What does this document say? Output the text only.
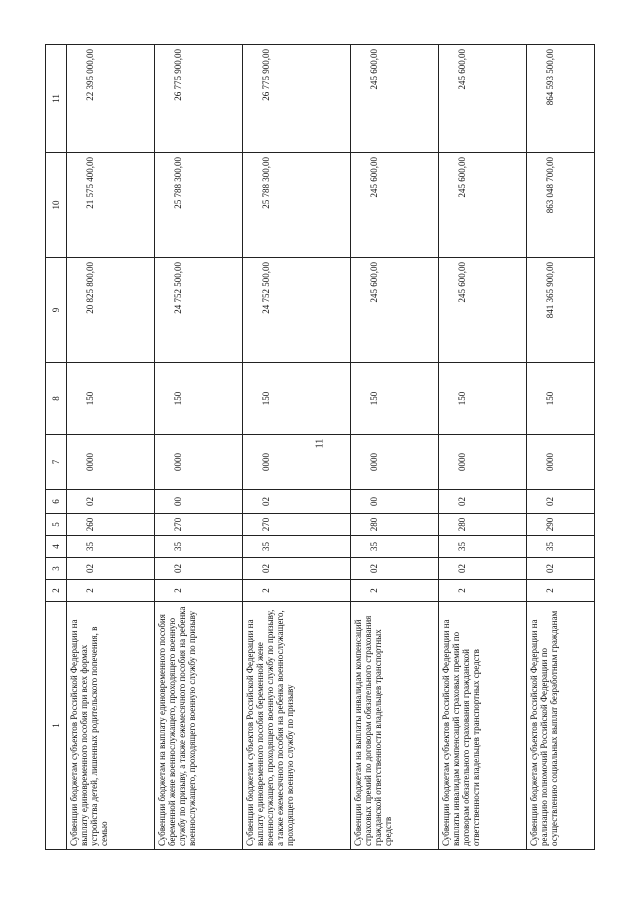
11
1	2	3	4	5	6	7	8	9	10	11
Субвенции бюджетам субъектов Российской Федерации на выплату единовременного пособия при всех формах устройства детей, лишенных родительского попечения, в семью	2	02	35	260	02	0000	150	20 825 800,00	21 575 400,00	22 395 000,00
Субвенции бюджетам на выплату единовременного пособия беременной жене военнослужащего, проходящего военную службу по призыву, а также ежемесячного пособия на ребенка военнослужащего, проходящего военную службу по призыву	2	02	35	270	00	0000	150	24 752 500,00	25 788 300,00	26 775 900,00
Субвенции бюджетам субъектов Российской Федерации на выплату единовременного пособия беременной жене военнослужащего, проходящего военную службу по призыву, а также ежемесячного пособия на ребенка военнослужащего, проходящего военную службу по призыву	2	02	35	270	02	0000	150	24 752 500,00	25 788 300,00	26 775 900,00
Субвенции бюджетам на выплаты инвалидам компенсаций страховых премий по договорам обязательного страхования гражданской ответственности владельцев транспортных средств	2	02	35	280	00	0000	150	245 600,00	245 600,00	245 600,00
Субвенции бюджетам субъектов Российской Федерации на выплаты инвалидам компенсаций страховых премий по договорам обязательного страхования гражданской ответственности владельцев транспортных средств	2	02	35	280	02	0000	150	245 600,00	245 600,00	245 600,00
Субвенции бюджетам субъектов Российской Федерации на реализацию полномочий Российской Федерации по осуществлению социальных выплат безработным гражданам	2	02	35	290	02	0000	150	841 365 900,00	863 048 700,00	864 593 500,00
